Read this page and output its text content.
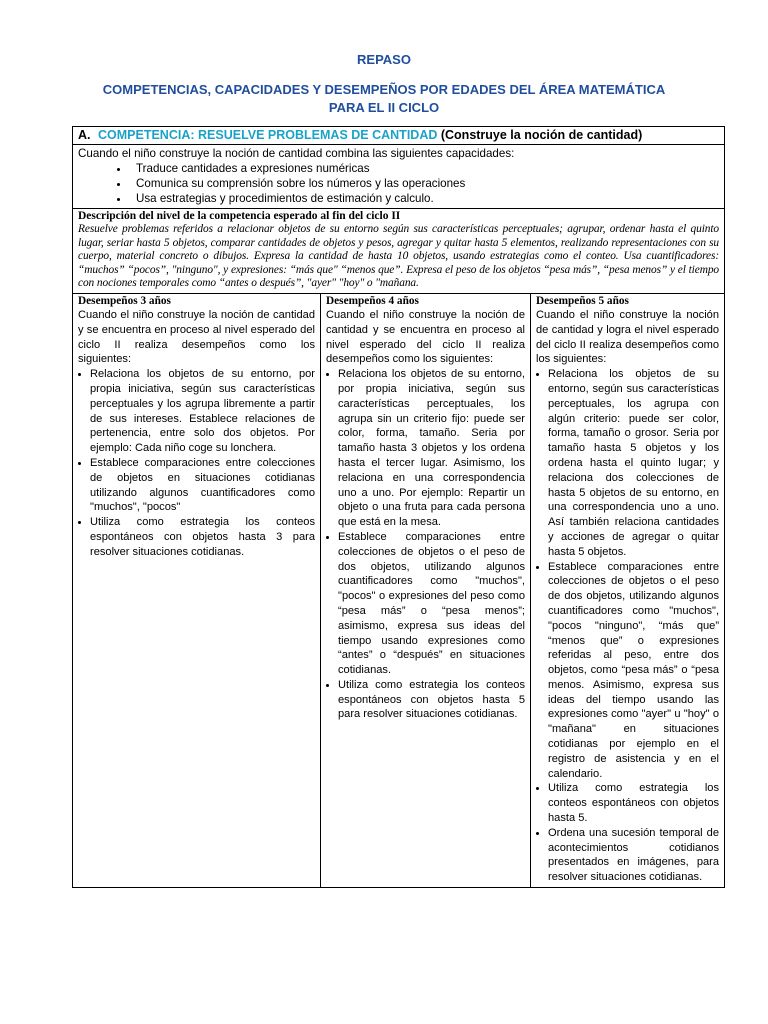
REPASO
COMPETENCIAS, CAPACIDADES Y DESEMPEÑOS POR EDADES DEL ÁREA MATEMÁTICA
PARA EL II CICLO
A. COMPETENCIA: RESUELVE PROBLEMAS DE CANTIDAD (Construye la noción de cantidad)

Cuando el niño construye la noción de cantidad combina las siguientes capacidades:
• Traduce cantidades a expresiones numéricas
• Comunica su comprensión sobre los números y las operaciones
• Usa estrategias y procedimientos de estimación y calculo.

Descripción del nivel de la competencia esperado al fin del ciclo II
Resuelve problemas referidos a relacionar objetos de su entorno según sus características perceptuales; agrupar, ordenar hasta el quinto lugar, seriar hasta 5 objetos, comparar cantidades de objetos y pesos, agregar y quitar hasta 5 elementos, realizando representaciones con su cuerpo, material concreto o dibujos. Expresa la cantidad de hasta 10 objetos, usando estrategias como el conteo. Usa cuantificadores: “muchos” “pocos”, "ninguno", y expresiones: “más que" “menos que”. Expresa el peso de los objetos “pesa más”, “pesa menos” y el tiempo con nociones temporales como “antes o después”, "ayer" "hoy" o "mañana.

Desempeños 3 años
Cuando el niño construye la noción de cantidad y se encuentra en proceso al nivel esperado del ciclo II realiza desempeños como los siguientes:
• Relaciona los objetos de su entorno, por propia iniciativa, según sus características perceptuales y los agrupa libremente a partir de sus intereses. Establece relaciones de pertenencia, entre solo dos objetos. Por ejemplo: Cada niño coge su lonchera.
• Establece comparaciones entre colecciones de objetos en situaciones cotidianas utilizando algunos cuantificadores como "muchos", "pocos"
• Utiliza como estrategia los conteos espontáneos con objetos hasta 3 para resolver situaciones cotidianas.

Desempeños 4 años
Cuando el niño construye la noción de cantidad y se encuentra en proceso al nivel esperado del ciclo II realiza desempeños como los siguientes:
• Relaciona los objetos de su entorno, por propia iniciativa, según sus características perceptuales, los agrupa sin un criterio fijo: puede ser color, forma, tamaño. Seria por tamaño hasta 3 objetos y los ordena hasta el tercer lugar. Asimismo, los relaciona en una correspondencia uno a uno. Por ejemplo: Repartir un objeto o una fruta para cada persona que está en la mesa.
• Establece comparaciones entre colecciones de objetos o el peso de dos objetos, utilizando algunos cuantificadores como "muchos", "pocos" o expresiones del peso como “pesa más” o “pesa menos”; asimismo, expresa sus ideas del tiempo usando expresiones como “antes” o “después” en situaciones cotidianas.
• Utiliza como estrategia los conteos espontáneos con objetos hasta 5 para resolver situaciones cotidianas.

Desempeños 5 años
Cuando el niño construye la noción de cantidad y logra el nivel esperado del ciclo II realiza desempeños como los siguientes:
• Relaciona los objetos de su entorno, según sus características perceptuales, los agrupa con algún criterio: puede ser color, forma, tamaño o grosor. Seria por tamaño hasta 5 objetos y los ordena hasta el quinto lugar; y relaciona dos colecciones de hasta 5 objetos de su entorno, en una correspondencia uno a uno. Así también relaciona cantidades y acciones de agregar o quitar hasta 5 objetos.
• Establece comparaciones entre colecciones de objetos o el peso de dos objetos, utilizando algunos cuantificadores como "muchos", "pocos "ninguno", “más que” “menos que” o expresiones referidas al peso, entre dos objetos, como “pesa más” o “pesa menos. Asimismo, expresa sus ideas del tiempo usando las expresiones como "ayer" u "hoy" o "mañana" en situaciones cotidianas por ejemplo en el registro de asistencia y en el calendario.
• Utiliza como estrategia los conteos espontáneos con objetos hasta 5.
• Ordena una sucesión temporal de acontecimientos cotidianos presentados en imágenes, para resolver situaciones cotidianas.
